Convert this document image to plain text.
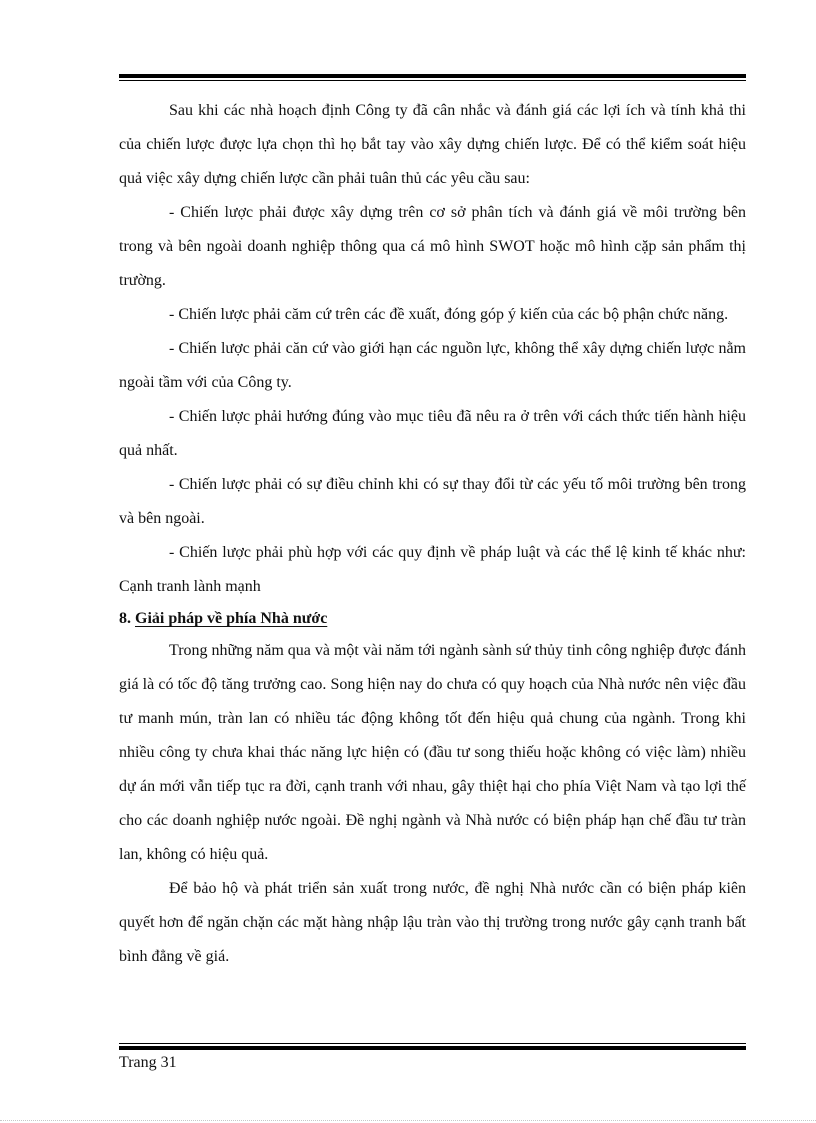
Sau khi các nhà hoạch định Công ty đã cân nhắc và đánh giá các lợi ích và tính khả thi của chiến lược được lựa chọn thì họ bắt tay vào xây dựng chiến lược. Để có thể kiểm soát hiệu quả việc xây dựng chiến lược cần phải tuân thủ các yêu cầu sau:

- Chiến lược phải được xây dựng trên cơ sở phân tích và đánh giá về môi trường bên trong và bên ngoài doanh nghiệp thông qua cá mô hình SWOT hoặc mô hình cặp sản phẩm thị trường.

- Chiến lược phải căm cứ trên các đề xuất, đóng góp ý kiến của các bộ phận chức năng.

- Chiến lược phải căn cứ vào giới hạn các nguồn lực, không thể xây dựng chiến lược nằm ngoài tầm với của Công ty.

- Chiến lược phải hướng đúng vào mục tiêu đã nêu ra ở trên với cách thức tiến hành hiệu quả nhất.

- Chiến lược phải có sự điều chỉnh khi có sự thay đổi từ các yếu tố môi trường bên trong và bên ngoài.

- Chiến lược phải phù hợp với các quy định về pháp luật và các thể lệ kinh tế khác như: Cạnh tranh lành mạnh

8. Giải pháp về phía Nhà nước

Trong những năm qua và một vài năm tới ngành sành sứ thủy tinh công nghiệp được đánh giá là có tốc độ tăng trưởng cao. Song hiện nay do chưa có quy hoạch của Nhà nước nên việc đầu tư manh mún, tràn lan có nhiều tác động không tốt đến hiệu quả chung của ngành. Trong khi nhiều công ty chưa khai thác năng lực hiện có (đầu tư song thiếu hoặc không có việc làm) nhiều dự án mới vẫn tiếp tục ra đời, cạnh tranh với nhau, gây thiệt hại cho phía Việt Nam và tạo lợi thế cho các doanh nghiệp nước ngoài. Đề nghị ngành và Nhà nước có biện pháp hạn chế đầu tư tràn lan, không có hiệu quả.

Để bảo hộ và phát triển sản xuất trong nước, đề nghị Nhà nước cần có biện pháp kiên quyết hơn để ngăn chặn các mặt hàng nhập lậu tràn vào thị trường trong nước gây cạnh tranh bất bình đẳng về giá.

Trang 31
